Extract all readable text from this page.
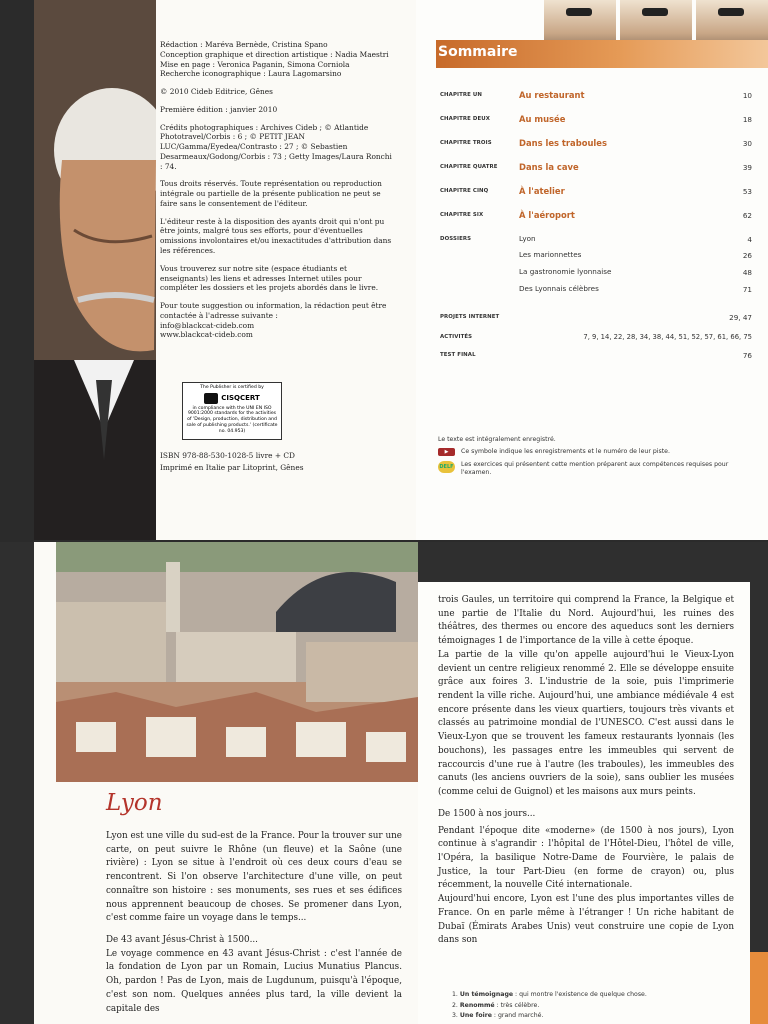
Rédaction : Maréva Bernède, Cristina Spano

Conception graphique et direction artistique : Nadia Maestri

Mise en page : Veronica Paganin, Simona Corniola

Recherche iconographique : Laura Lagomarsino

© 2010 Cideb Editrice, Gênes

Première édition : janvier 2010

Crédits photographiques : Archives Cideb ; © Atlantide Phototravel/Corbis : 6 ; © PETIT JEAN LUC/Gamma/Eyedea/Contrasto : 27 ; © Sebastien Desarmeaux/Godong/Corbis : 73 ; Getty Images/Laura Ronchi : 74.

Tous droits réservés. Toute représentation ou reproduction intégrale ou partielle de la présente publication ne peut se faire sans le consentement de l'éditeur.

L'éditeur reste à la disposition des ayants droit qui n'ont pu être joints, malgré tous ses efforts, pour d'éventuelles omissions involontaires et/ou inexactitudes d'attribution dans les références.

Vous trouverez sur notre site (espace étudiants et enseignants) les liens et adresses Internet utiles pour compléter les dossiers et les projets abordés dans le livre.

Pour toute suggestion ou information, la rédaction peut être contactée à l'adresse suivante :

info@blackcat-cideb.com

www.blackcat-cideb.com

The Publisher is certified by
CISQCERT
in compliance with the UNI EN ISO 9001:2000 standards for the activities of 'Design, production, distribution and sale of publishing products.' (certificate no. 04.953)

ISBN 978-88-530-1028-5 livre + CD

Imprimé en Italie par Litoprint, Gênes

Sommaire
CHAPITRE UN	Au restaurant	10
CHAPITRE DEUX	Au musée	18
CHAPITRE TROIS	Dans les traboules	30
CHAPITRE QUATRE	Dans la cave	39
CHAPITRE CINQ	À l'atelier	53
CHAPITRE SIX	À l'aéroport	62
DOSSIERS	Lyon	4
Les marionnettes	26
La gastronomie lyonnaise	48
Des Lyonnais célèbres	71
PROJETS INTERNET	29, 47
ACTIVITÉS	7, 9, 14, 22, 28, 34, 38, 44, 51, 52, 57, 61, 66, 75
TEST FINAL	76

Le texte est intégralement enregistré.

▶	Ce symbole indique les enregistrements et le numéro de leur piste.
DELF Les exercices qui présentent cette mention préparent aux compétences requises pour l'examen.
Lyon

Lyon est une ville du sud-est de la France. Pour la trouver sur une carte, on peut suivre le Rhône (un fleuve) et la Saône (une rivière) : Lyon se situe à l'endroit où ces deux cours d'eau se rencontrent. Si l'on observe l'architecture d'une ville, on peut connaître son histoire : ses monuments, ses rues et ses édifices nous apprennent beaucoup de choses. Se promener dans Lyon, c'est comme faire un voyage dans le temps...

De 43 avant Jésus-Christ à 1500...

Le voyage commence en 43 avant Jésus-Christ : c'est l'année de la fondation de Lyon par un Romain, Lucius Munatius Plancus. Oh, pardon ! Pas de Lyon, mais de Lugdunum, puisqu'à l'époque, c'est son nom. Quelques années plus tard, la ville devient la capitale des

trois Gaules, un territoire qui comprend la France, la Belgique et une partie de l'Italie du Nord. Aujourd'hui, les ruines des théâtres, des thermes ou encore des aqueducs sont les derniers témoignages 1 de l'importance de la ville à cette époque.

La partie de la ville qu'on appelle aujourd'hui le Vieux-Lyon devient un centre religieux renommé 2. Elle se développe ensuite grâce aux foires 3. L'industrie de la soie, puis l'imprimerie rendent la ville riche. Aujourd'hui, une ambiance médiévale 4 est encore présente dans les vieux quartiers, toujours très vivants et classés au patrimoine mondial de l'UNESCO. C'est aussi dans le Vieux-Lyon que se trouvent les fameux restaurants lyonnais (les bouchons), les passages entre les immeubles qui servent de raccourcis d'une rue à l'autre (les traboules), les immeubles des canuts (les anciens ouvriers de la soie), sans oublier les musées (comme celui de Guignol) et les maisons aux murs peints.

De 1500 à nos jours...

Pendant l'époque dite «moderne» (de 1500 à nos jours), Lyon continue à s'agrandir : l'hôpital de l'Hôtel-Dieu, l'hôtel de ville, l'Opéra, la basilique Notre-Dame de Fourvière, le palais de Justice, la tour Part-Dieu (en forme de crayon) ou, plus récemment, la nouvelle Cité internationale.

Aujourd'hui encore, Lyon est l'une des plus importantes villes de France. On en parle même à l'étranger ! Un riche habitant de Dubaï (Émirats Arabes Unis) veut construire une copie de Lyon dans son

1. Un témoignage : qui montre l'existence de quelque chose.
2. Renommé : très célèbre.
3. Une foire : grand marché.
